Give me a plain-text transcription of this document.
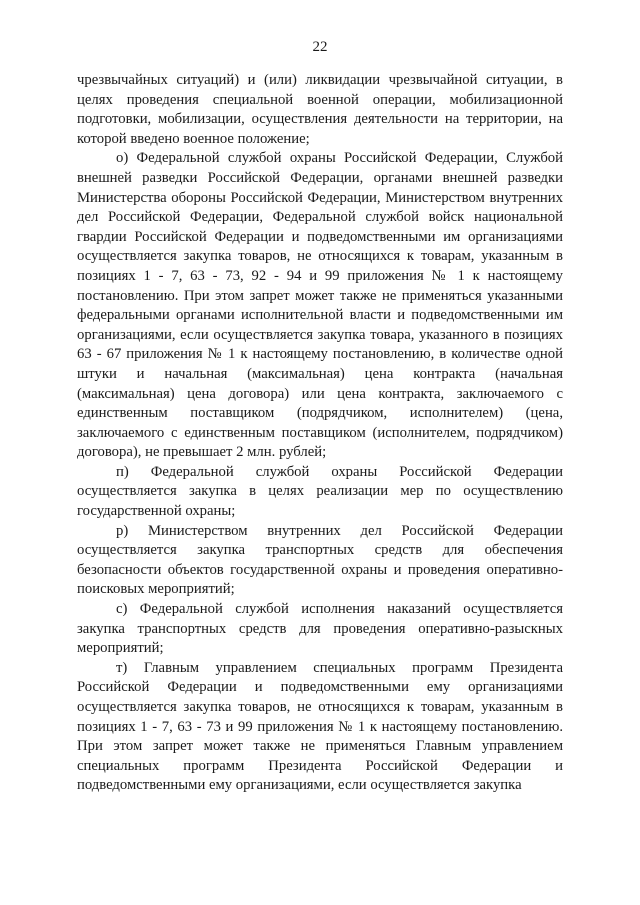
22

чрезвычайных ситуаций) и (или) ликвидации чрезвычайной ситуации, в целях проведения специальной военной операции, мобилизационной подготовки, мобилизации, осуществления деятельности на территории, на которой введено военное положение;

о) Федеральной службой охраны Российской Федерации, Службой внешней разведки Российской Федерации, органами внешней разведки Министерства обороны Российской Федерации, Министерством внутренних дел Российской Федерации, Федеральной службой войск национальной гвардии Российской Федерации и подведомственными им организациями осуществляется закупка товаров, не относящихся к товарам, указанным в позициях 1 - 7, 63 - 73, 92 - 94 и 99 приложения № 1 к настоящему постановлению. При этом запрет может также не применяться указанными федеральными органами исполнительной власти и подведомственными им организациями, если осуществляется закупка товара, указанного в позициях 63 - 67 приложения № 1 к настоящему постановлению, в количестве одной штуки и начальная (максимальная) цена контракта (начальная (максимальная) цена договора) или цена контракта, заключаемого с единственным поставщиком (подрядчиком, исполнителем) (цена, заключаемого с единственным поставщиком (исполнителем, подрядчиком) договора), не превышает 2 млн. рублей;

п) Федеральной службой охраны Российской Федерации осуществляется закупка в целях реализации мер по осуществлению государственной охраны;

р) Министерством внутренних дел Российской Федерации осуществляется закупка транспортных средств для обеспечения безопасности объектов государственной охраны и проведения оперативно-поисковых мероприятий;

с) Федеральной службой исполнения наказаний осуществляется закупка транспортных средств для проведения оперативно-разыскных мероприятий;

т) Главным управлением специальных программ Президента Российской Федерации и подведомственными ему организациями осуществляется закупка товаров, не относящихся к товарам, указанным в позициях 1 - 7, 63 - 73 и 99 приложения № 1 к настоящему постановлению. При этом запрет может также не применяться Главным управлением специальных программ Президента Российской Федерации и подведомственными ему организациями, если осуществляется закупка
